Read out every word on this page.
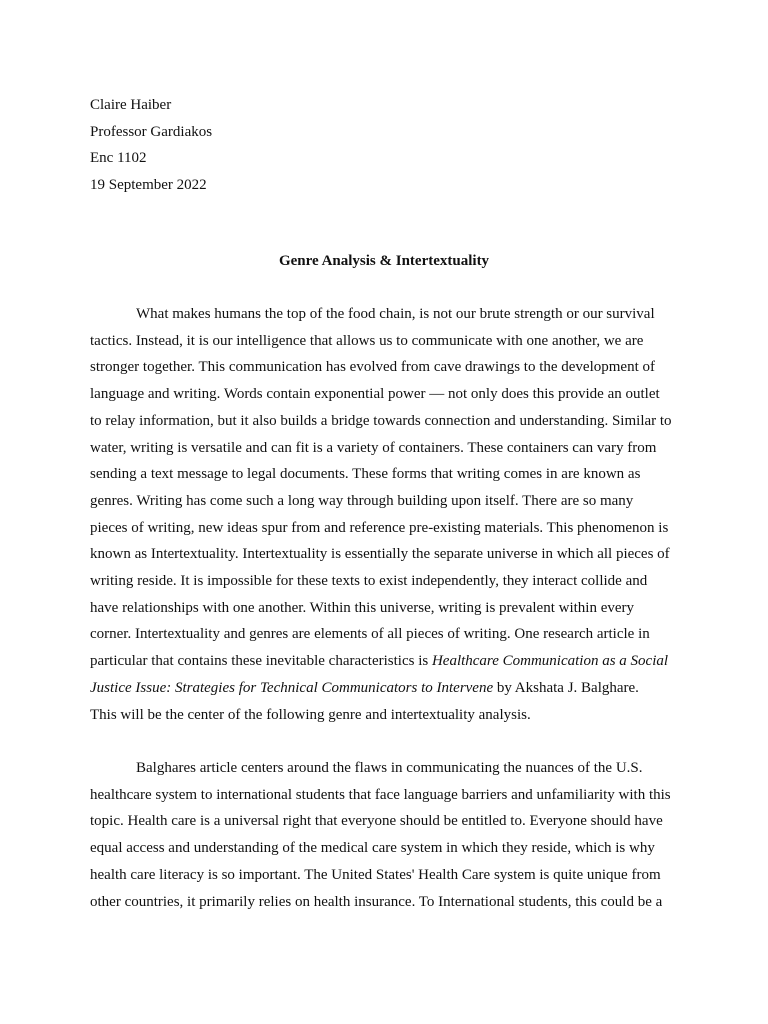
Claire Haiber
Professor Gardiakos
Enc 1102
19 September 2022
Genre Analysis & Intertextuality
What makes humans the top of the food chain, is not our brute strength or our survival
tactics. Instead, it is our intelligence that allows us to communicate with one another, we are
stronger together. This communication has evolved from cave drawings to the development of
language and writing. Words contain exponential power — not only does this provide an outlet
to relay information, but it also builds a bridge towards connection and understanding. Similar to
water, writing is versatile and can fit is a variety of containers. These containers can vary from
sending a text message to legal documents. These forms that writing comes in are known as
genres. Writing has come such a long way through building upon itself. There are so many
pieces of writing, new ideas spur from and reference pre-existing materials. This phenomenon is
known as Intertextuality. Intertextuality is essentially the separate universe in which all pieces of
writing reside. It is impossible for these texts to exist independently, they interact collide and
have relationships with one another. Within this universe, writing is prevalent within every
corner. Intertextuality and genres are elements of all pieces of writing. One research article in
particular that contains these inevitable characteristics is Healthcare Communication as a Social
Justice Issue: Strategies for Technical Communicators to Intervene by Akshata J. Balghare.
This will be the center of the following genre and intertextuality analysis.
Balghares article centers around the flaws in communicating the nuances of the U.S.
healthcare system to international students that face language barriers and unfamiliarity with this
topic. Health care is a universal right that everyone should be entitled to. Everyone should have
equal access and understanding of the medical care system in which they reside, which is why
health care literacy is so important. The United States' Health Care system is quite unique from
other countries, it primarily relies on health insurance. To International students, this could be a
